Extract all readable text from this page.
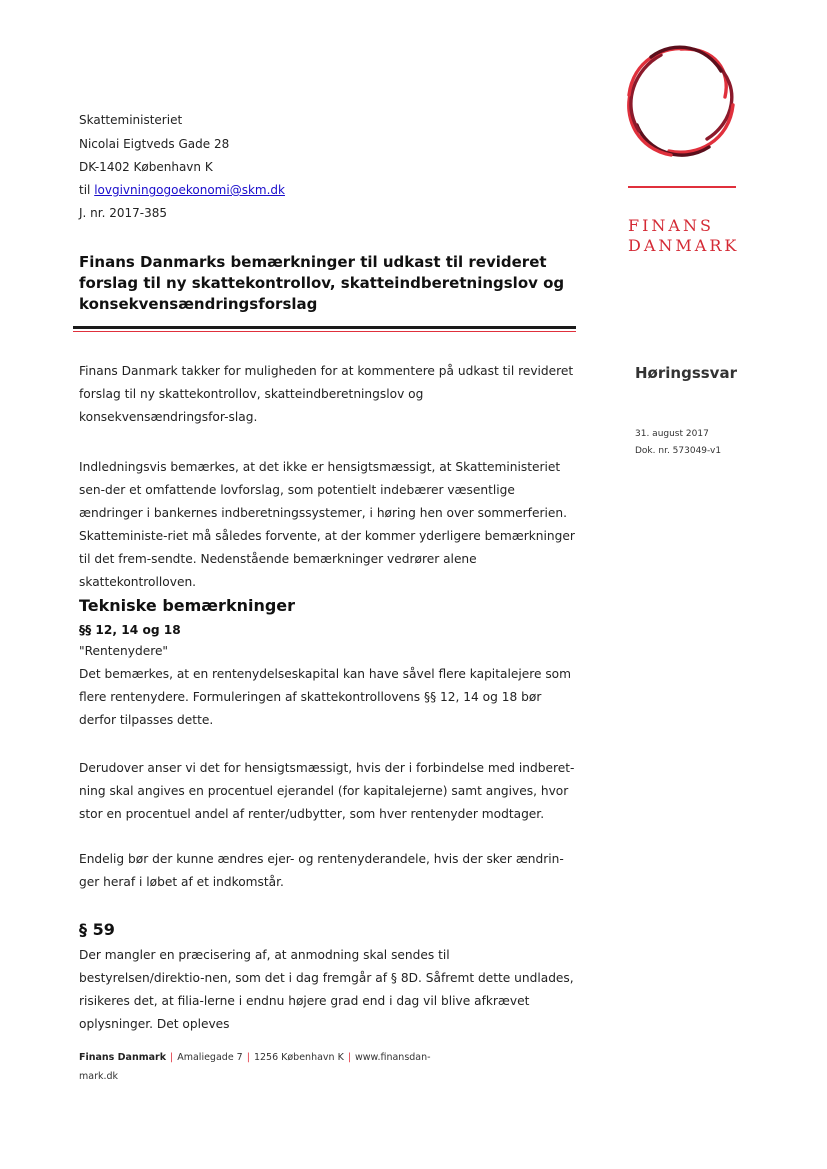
Skatteministeriet
Nicolai Eigtveds Gade 28
DK-1402 København K
til lovgivningogoekonomi@skm.dk
J. nr. 2017-385
Finans Danmarks bemærkninger til udkast til revideret forslag til ny skattekontrollov, skatteindberetningslov og konsekvensændringsforslag
FINANS
DANMARK
Høringssvar
31. august 2017
Dok. nr. 573049-v1

Finans Danmark takker for muligheden for at kommentere på udkast til revideret forslag til ny skattekontrollov, skatteindberetningslov og konsekvensændringsfor-slag.

Indledningsvis bemærkes, at det ikke er hensigtsmæssigt, at Skatteministeriet sen-der et omfattende lovforslag, som potentielt indebærer væsentlige ændringer i bankernes indberetningssystemer, i høring hen over sommerferien. Skatteministe-riet må således forvente, at der kommer yderligere bemærkninger til det frem-sendte. Nedenstående bemærkninger vedrører alene skattekontrolloven.

Tekniske bemærkninger
§§ 12, 14 og 18

"Rentenydere"

Det bemærkes, at en rentenydelseskapital kan have såvel flere kapitalejere som flere rentenydere. Formuleringen af skattekontrollovens §§ 12, 14 og 18 bør derfor tilpasses dette.

Derudover anser vi det for hensigtsmæssigt, hvis der i forbindelse med indberet-ning skal angives en procentuel ejerandel (for kapitalejerne) samt angives, hvor stor en procentuel andel af renter/udbytter, som hver rentenyder modtager.

Endelig bør der kunne ændres ejer- og rentenyderandele, hvis der sker ændrin-ger heraf i løbet af et indkomstår.

§ 59

Der mangler en præcisering af, at anmodning skal sendes til bestyrelsen/direktio-nen, som det i dag fremgår af § 8D. Såfremt dette undlades, risikeres det, at filia-lerne i endnu højere grad end i dag vil blive afkrævet oplysninger. Det opleves

Finans Danmark | Amaliegade 7 | 1256 København K | www.finansdan-mark.dk
